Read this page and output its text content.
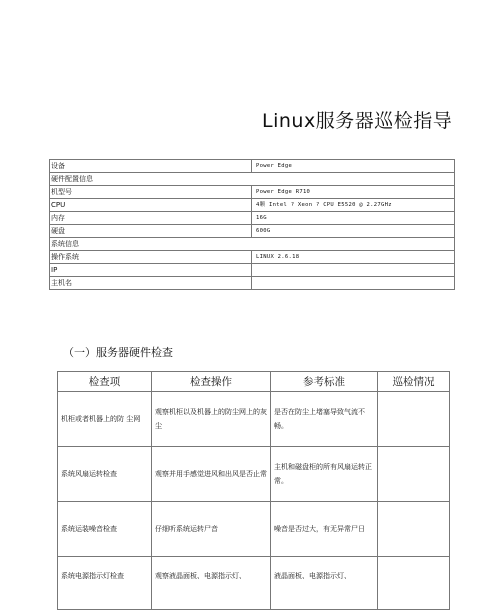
Linux服务器巡检指导
设备	Power Edge
硬件配置信息	
机型号	Power Edge R710
CPU	4颗 Intel ? Xeon ? CPU E5520 @ 2.27GHz
内存	16G
硬盘	600G
系统信息	
操作系统	LINUX 2.6.18
IP	
主机名	
（一）服务器硬件检查
检查项	检查操作	参考标准	巡检情况
机柜或者机器上的防 尘网	观察机柜以及机器上的防尘网上的灰尘	是否在防尘上堵塞导致气流不畅。	
系统风扇运转检查	观察并用手感觉进风和出风是否止常	主机和磁盘柜的所有风扇运转正常。	
系统运装噪音检查	仔细听系统运转尸音	噪音是否过大，有无异常尸日	
系统电源指示灯检查	观察液晶面板、电源指示灯、	液晶面板、电源指示灯、	
